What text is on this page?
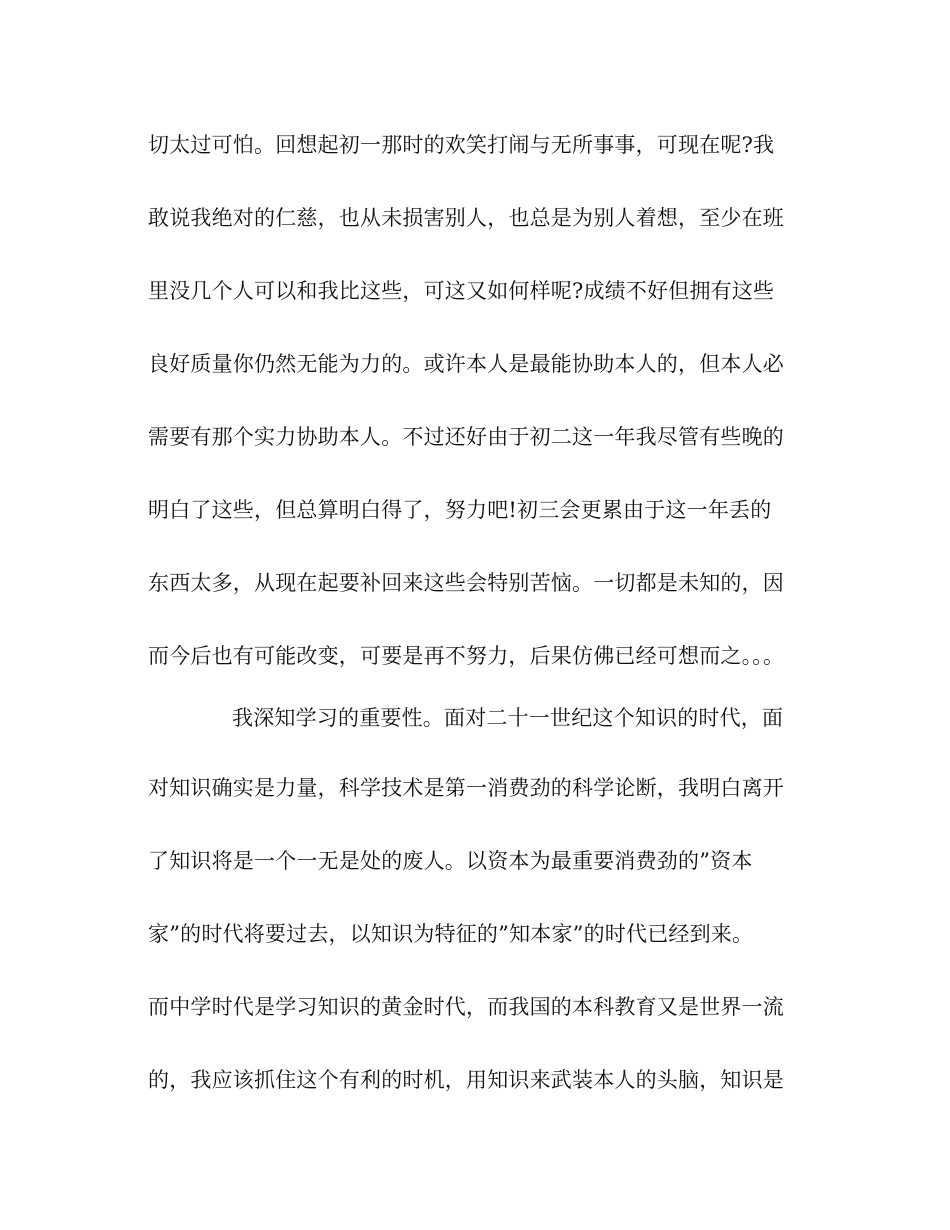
切太过可怕。回想起初一那时的欢笑打闹与无所事事，可现在呢?我
敢说我绝对的仁慈，也从未损害别人，也总是为别人着想，至少在班
里没几个人可以和我比这些，可这又如何样呢?成绩不好但拥有这些
良好质量你仍然无能为力的。或许本人是最能协助本人的，但本人必
需要有那个实力协助本人。不过还好由于初二这一年我尽管有些晚的
明白了这些，但总算明白得了，努力吧!初三会更累由于这一年丢的
东西太多，从现在起要补回来这些会特别苦恼。一切都是未知的，因
而今后也有可能改变，可要是再不努力，后果仿佛已经可想而之。。。
我深知学习的重要性。面对二十一世纪这个知识的时代，面
对知识确实是力量，科学技术是第一消费劲的科学论断，我明白离开
了知识将是一个一无是处的废人。以资本为最重要消费劲的”资本
家”的时代将要过去，以知识为特征的”知本家”的时代已经到来。
而中学时代是学习知识的黄金时代，而我国的本科教育又是世界一流
的，我应该抓住这个有利的时机，用知识来武装本人的头脑，知识是
